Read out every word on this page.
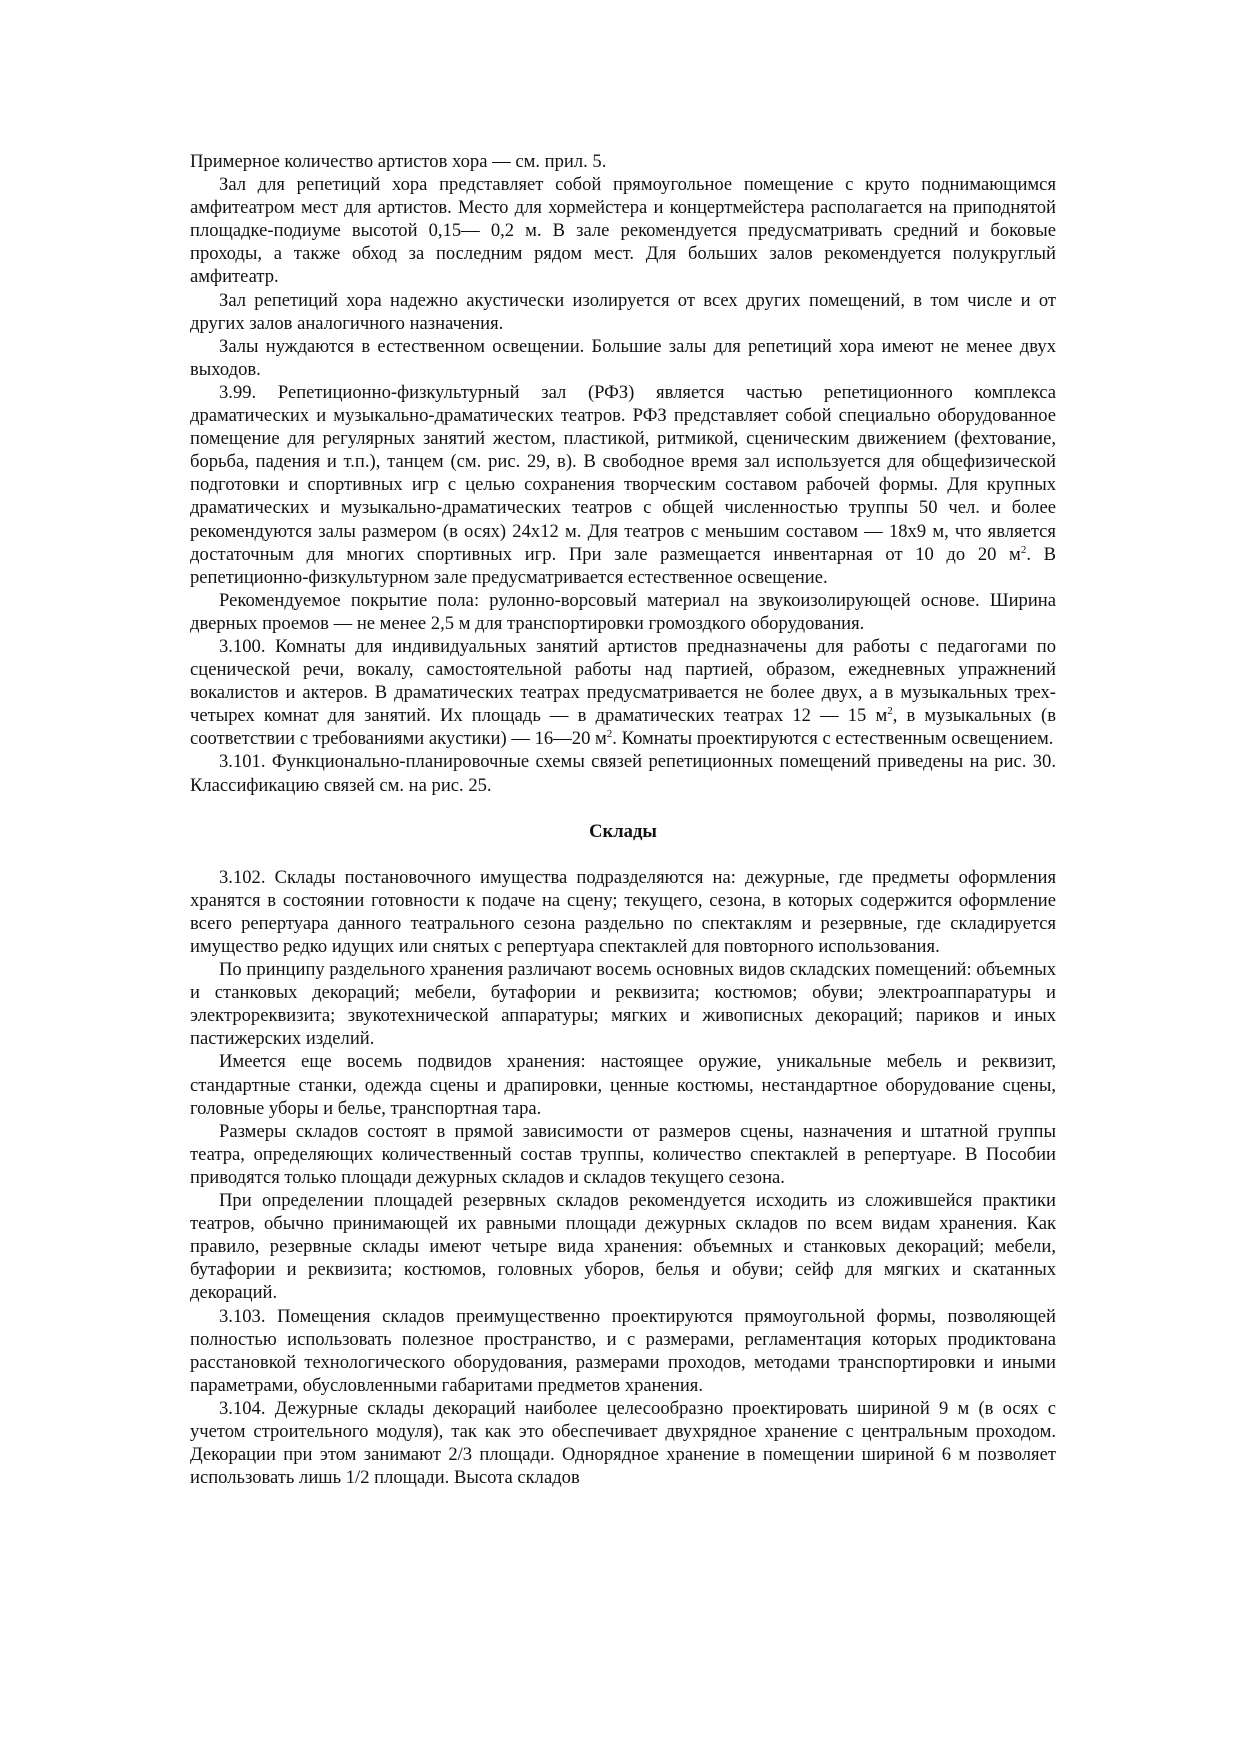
Примерное количество артистов хора — см. прил. 5.

Зал для репетиций хора представляет собой прямоугольное помещение с круто поднимающимся амфитеатром мест для артистов. Место для хормейстера и концертмейстера располагается на приподнятой площадке-подиуме высотой 0,15— 0,2 м. В зале рекомендуется предусматривать средний и боковые проходы, а также обход за последним рядом мест. Для больших залов рекомендуется полукруглый амфитеатр.

Зал репетиций хора надежно акустически изолируется от всех других помещений, в том числе и от других залов аналогичного назначения.

Залы нуждаются в естественном освещении. Большие залы для репетиций хора имеют не менее двух выходов.

3.99. Репетиционно-физкультурный зал (РФЗ) является частью репетиционного комплекса драматических и музыкально-драматических театров. РФЗ представляет собой специально оборудованное помещение для регулярных занятий жестом, пластикой, ритмикой, сценическим движением (фехтование, борьба, падения и т.п.), танцем (см. рис. 29, в). В свободное время зал используется для общефизической подготовки и спортивных игр с целью сохранения творческим составом рабочей формы. Для крупных драматических и музыкально-драматических театров с общей численностью труппы 50 чел. и более рекомендуются залы размером (в осях) 24x12 м. Для театров с меньшим составом — 18x9 м, что является достаточным для многих спортивных игр. При зале размещается инвентарная от 10 до 20 $м^2$. В репетиционно-физкультурном зале предусматривается естественное освещение.

Рекомендуемое покрытие пола: рулонно-ворсовый материал на звукоизолирующей основе. Ширина дверных проемов — не менее 2,5 м для транспортировки громоздкого оборудования.

3.100. Комнаты для индивидуальных занятий артистов предназначены для работы с педагогами по сценической речи, вокалу, самостоятельной работы над партией, образом, ежедневных упражнений вокалистов и актеров. В драматических театрах предусматривается не более двух, а в музыкальных трех-четырех комнат для занятий. Их площадь — в драматических театрах 12 — 15 $м^2$, в музыкальных (в соответствии с требованиями акустики) — 16—20 $м^2$. Комнаты проектируются с естественным освещением.

3.101. Функционально-планировочные схемы связей репетиционных помещений приведены на рис. 30. Классификацию связей см. на рис. 25.

Склады

3.102. Склады постановочного имущества подразделяются на: дежурные, где предметы оформления хранятся в состоянии готовности к подаче на сцену; текущего, сезона, в которых содержится оформление всего репертуара данного театрального сезона раздельно по спектаклям и резервные, где складируется имущество редко идущих или снятых с репертуара спектаклей для повторного использования.

По принципу раздельного хранения различают восемь основных видов складских помещений: объемных и станковых декораций; мебели, бутафории и реквизита; костюмов; обуви; электроаппаратуры и электрореквизита; звукотехнической аппаратуры; мягких и живописных декораций; париков и иных пастижерских изделий.

Имеется еще восемь подвидов хранения: настоящее оружие, уникальные мебель и реквизит, стандартные станки, одежда сцены и драпировки, ценные костюмы, нестандартное оборудование сцены, головные уборы и белье, транспортная тара.

Размеры складов состоят в прямой зависимости от размеров сцены, назначения и штатной группы театра, определяющих количественный состав труппы, количество спектаклей в репертуаре. В Пособии приводятся только площади дежурных складов и складов текущего сезона.

При определении площадей резервных складов рекомендуется исходить из сложившейся практики театров, обычно принимающей их равными площади дежурных складов по всем видам хранения. Как правило, резервные склады имеют четыре вида хранения: объемных и станковых декораций; мебели, бутафории и реквизита; костюмов, головных уборов, белья и обуви; сейф для мягких и скатанных декораций.

3.103. Помещения складов преимущественно проектируются прямоугольной формы, позволяющей полностью использовать полезное пространство, и с размерами, регламентация которых продиктована расстановкой технологического оборудования, размерами проходов, методами транспортировки и иными параметрами, обусловленными габаритами предметов хранения.

3.104. Дежурные склады декораций наиболее целесообразно проектировать шириной 9 м (в осях с учетом строительного модуля), так как это обеспечивает двухрядное хранение с центральным проходом. Декорации при этом занимают 2/3 площади. Однорядное хранение в помещении шириной 6 м позволяет использовать лишь 1/2 площади. Высота складов
